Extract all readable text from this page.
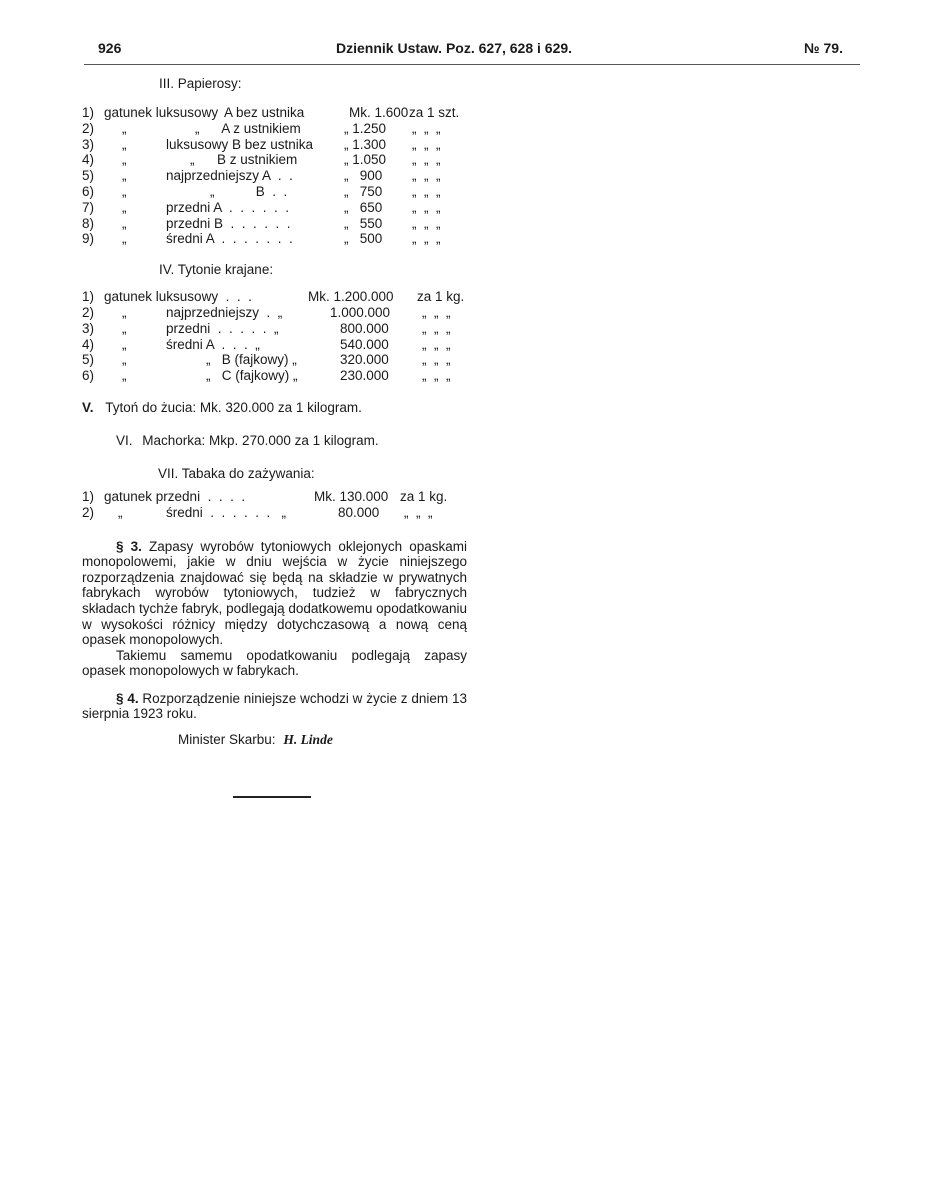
926	Dziennik Ustaw. Poz. 627, 628 i 629.	№ 79.
III. Papierosy:
1) gatunek luksusowy A bez ustnika	Mk. 1.600 za 1 szt.
2) „	„      A z ustnikiem	„ 1.250 „  „  „
3) „	luksusowy B bez ustnika „ 1.300 „  „  „
4) „	„      B z ustnikiem	„ 1.050 „  „  „
5) „	najprzedniejszy A  .  .	„   900 „  „  „
6) „	„           B  .  .	„   750 „  „  „
7) „	przedni A  .  .  .  .  .  .	„   650 „  „  „
8) „	przedni B  .  .  .  .  .  .	„   550 „  „  „
9) „	średni A  .  .  .  .  .  .  .	„   500 „  „  „
IV. Tytonie krajane:
1) gatunek luksusowy  .  .  .	Mk. 1.200.000 za 1 kg.
2) „	najprzedniejszy  .  „	1.000.000 „  „  „
3) „	przedni  .  .  .  .  .  „	800.000 „  „  „
4) „	średni A  .  .  .  „	540.000 „  „  „
5) „	„   B (fajkowy) „	320.000 „  „  „
6) „	„   C (fajkowy) „	230.000 „  „  „
V. Tytoń do żucia: Mk. 320.000 za 1 kilogram.
VI. Machorka: Mkp. 270.000 za 1 kilogram.
VII. Tabaka do zażywania:
1) gatunek przedni  .  .  .  .	Mk. 130.000 za 1 kg.
2) „	średni  .  .  .  .  .  .   „	80.000 „  „  „

§ 3. Zapasy wyrobów tytoniowych oklejonych opaskami monopolowemi, jakie w dniu wejścia w życie niniejszego rozporządzenia znajdować się będą na składzie w prywatnych fabrykach wyrobów tytoniowych, tudzież w fabrycznych składach tychże fabryk, podlegają dodatkowemu opodatkowaniu w wysokości różnicy między dotychczasową a nową ceną opasek monopolowych.

Takiemu samemu opodatkowaniu podlegają zapasy opasek monopolowych w fabrykach.

§ 4. Rozporządzenie niniejsze wchodzi w życie z dniem 13 sierpnia 1923 roku.

Minister Skarbu: H. Linde
